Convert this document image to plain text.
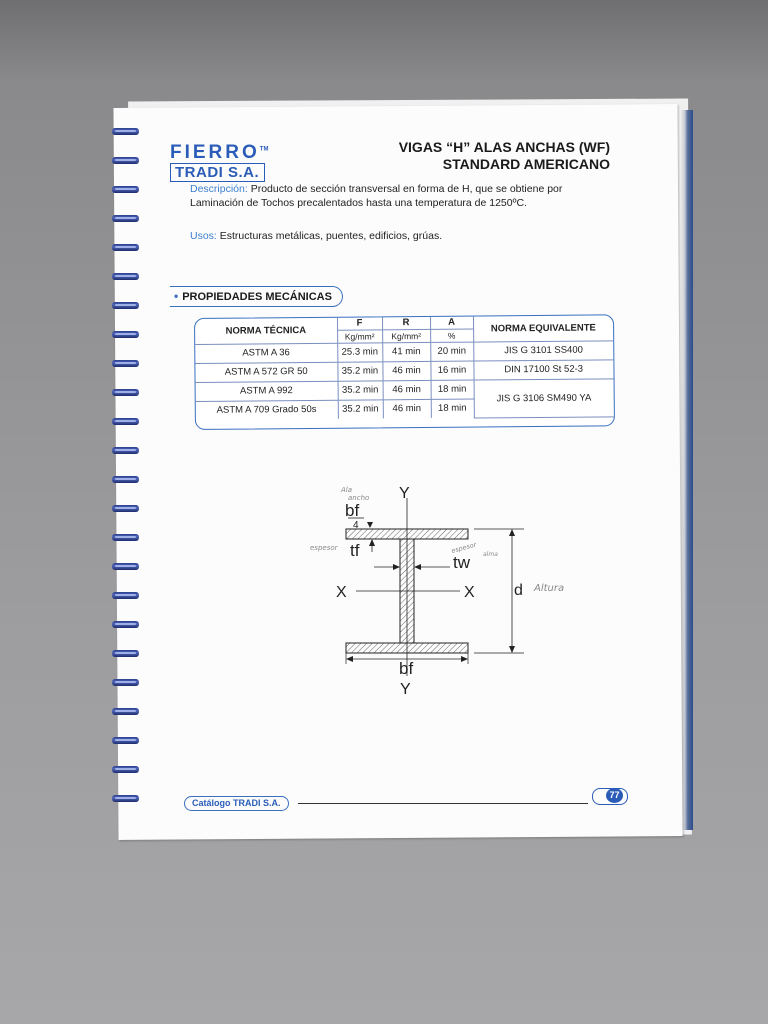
FIERRO™
TRADI S.A.
VIGAS “H” ALAS ANCHAS (WF)
STANDARD AMERICANO
Descripción: Producto de sección transversal en forma de H, que se obtiene por Laminación de Tochos precalentados hasta una temperatura de 1250ºC.
Usos: Estructuras metálicas, puentes, edificios, grúas.
• PROPIEDADES MECÁNICAS
NORMA TÉCNICA	F	R	A	NORMA EQUIVALENTE
	Kg/mm²	Kg/mm²	%	
ASTM A 36	25.3 min	41 min	20 min	JIS G 3101 SS400
ASTM A 572 GR 50	35.2 min	46 min	16 min	DIN 17100 St 52-3
ASTM A 992	35.2 min	46 min	18 min	JIS G 3106 SM490 YA
ASTM A 709 Grado 50s	35.2 min	46 min	18 min	
Y
Y
X	X
bf
4
tf
tw
d
bf
Ala
ancho
espesor	espesor alma
Altura
Catálogo TRADI S.A.
77
